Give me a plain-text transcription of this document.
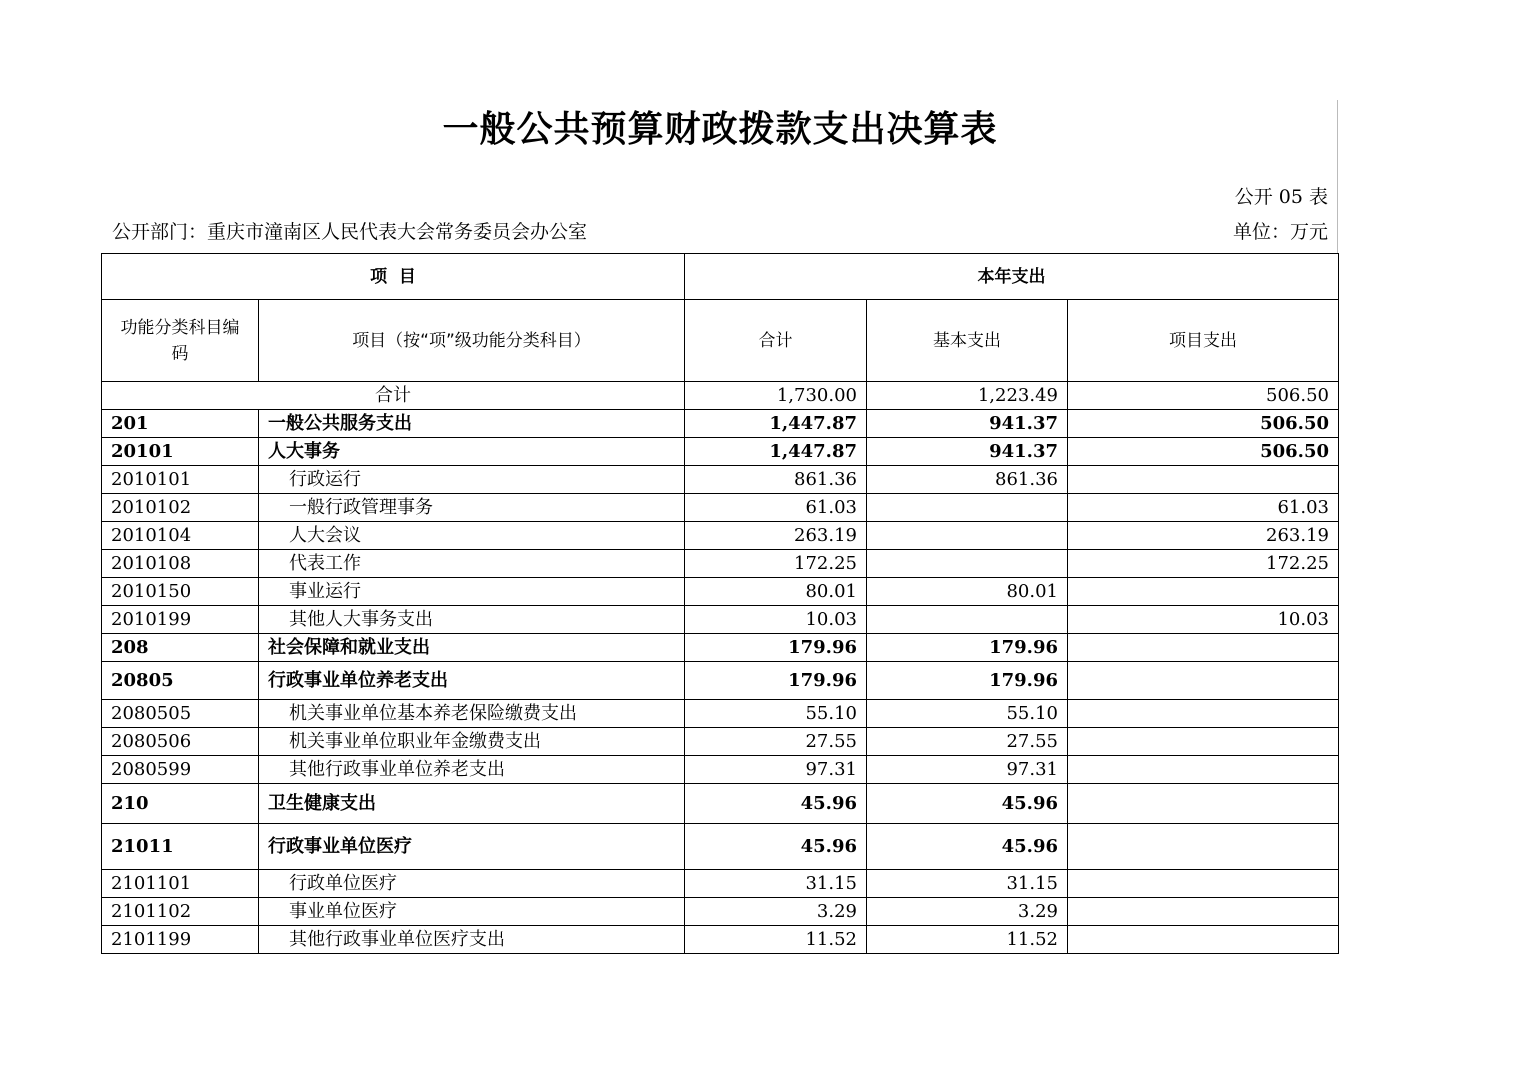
一般公共预算财政拨款支出决算表
公开 05 表
公开部门：重庆市潼南区人民代表大会常务委员会办公室	单位：万元
项  目		本年支出		
功能分类科目编码	项目（按“项”级功能分类科目）	合计	基本支出	项目支出
合计		1,730.00	1,223.49	506.50
201	一般公共服务支出	1,447.87	941.37	506.50
20101	人大事务	1,447.87	941.37	506.50
2010101	行政运行	861.36	861.36	
2010102	一般行政管理事务	61.03		61.03
2010104	人大会议	263.19		263.19
2010108	代表工作	172.25		172.25
2010150	事业运行	80.01	80.01	
2010199	其他人大事务支出	10.03		10.03
208	社会保障和就业支出	179.96	179.96	
20805	行政事业单位养老支出	179.96	179.96	
2080505	机关事业单位基本养老保险缴费支出	55.10	55.10	
2080506	机关事业单位职业年金缴费支出	27.55	27.55	
2080599	其他行政事业单位养老支出	97.31	97.31	
210	卫生健康支出	45.96	45.96	
21011	行政事业单位医疗	45.96	45.96	
2101101	行政单位医疗	31.15	31.15	
2101102	事业单位医疗	3.29	3.29	
2101199	其他行政事业单位医疗支出	11.52	11.52	
